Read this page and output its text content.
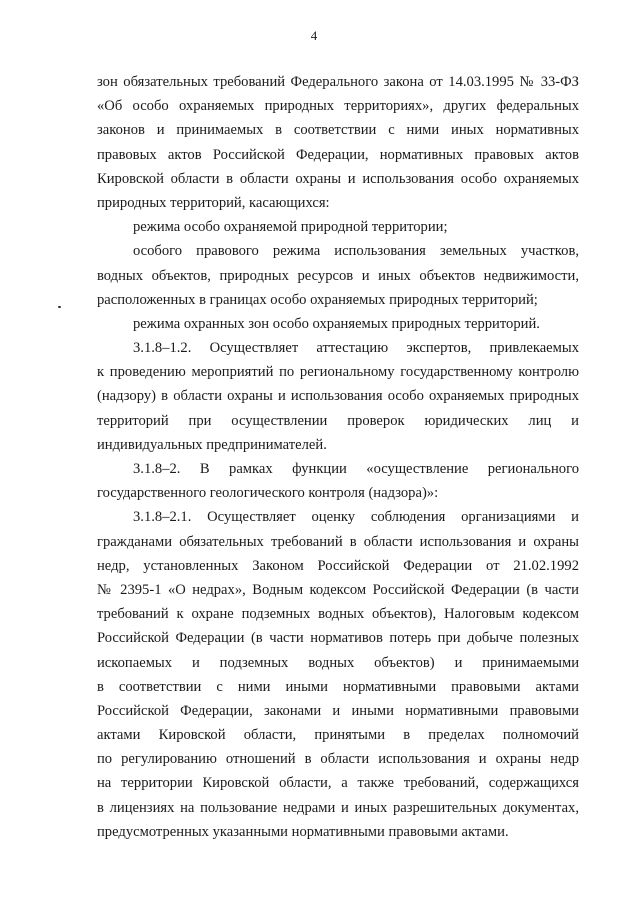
4
зон обязательных требований Федерального закона от 14.03.1995 № 33-ФЗ
«Об особо охраняемых природных территориях», других федеральных
законов и принимаемых в соответствии с ними иных нормативных
правовых актов Российской Федерации, нормативных правовых актов
Кировской области в области охраны и использования особо охраняемых
природных территорий, касающихся:
режима особо охраняемой природной территории;
особого правового режима использования земельных участков,
водных объектов, природных ресурсов и иных объектов недвижимости,
расположенных в границах особо охраняемых природных территорий;
режима охранных зон особо охраняемых природных территорий.
3.1.8–1.2. Осуществляет аттестацию экспертов, привлекаемых
к проведению мероприятий по региональному государственному контролю
(надзору) в области охраны и использования особо охраняемых природных
территорий при осуществлении проверок юридических лиц и
индивидуальных предпринимателей.
3.1.8–2. В рамках функции «осуществление регионального
государственного геологического контроля (надзора)»:
3.1.8–2.1. Осуществляет оценку соблюдения организациями и
гражданами обязательных требований в области использования и охраны
недр, установленных Законом Российской Федерации от 21.02.1992
№ 2395-1 «О недрах», Водным кодексом Российской Федерации (в части
требований к охране подземных водных объектов), Налоговым кодексом
Российской Федерации (в части нормативов потерь при добыче полезных
ископаемых и подземных водных объектов) и принимаемыми
в соответствии с ними иными нормативными правовыми актами
Российской Федерации, законами и иными нормативными правовыми
актами Кировской области, принятыми в пределах полномочий
по регулированию отношений в области использования и охраны недр
на территории Кировской области, а также требований, содержащихся
в лицензиях на пользование недрами и иных разрешительных документах,
предусмотренных указанными нормативными правовыми актами.
